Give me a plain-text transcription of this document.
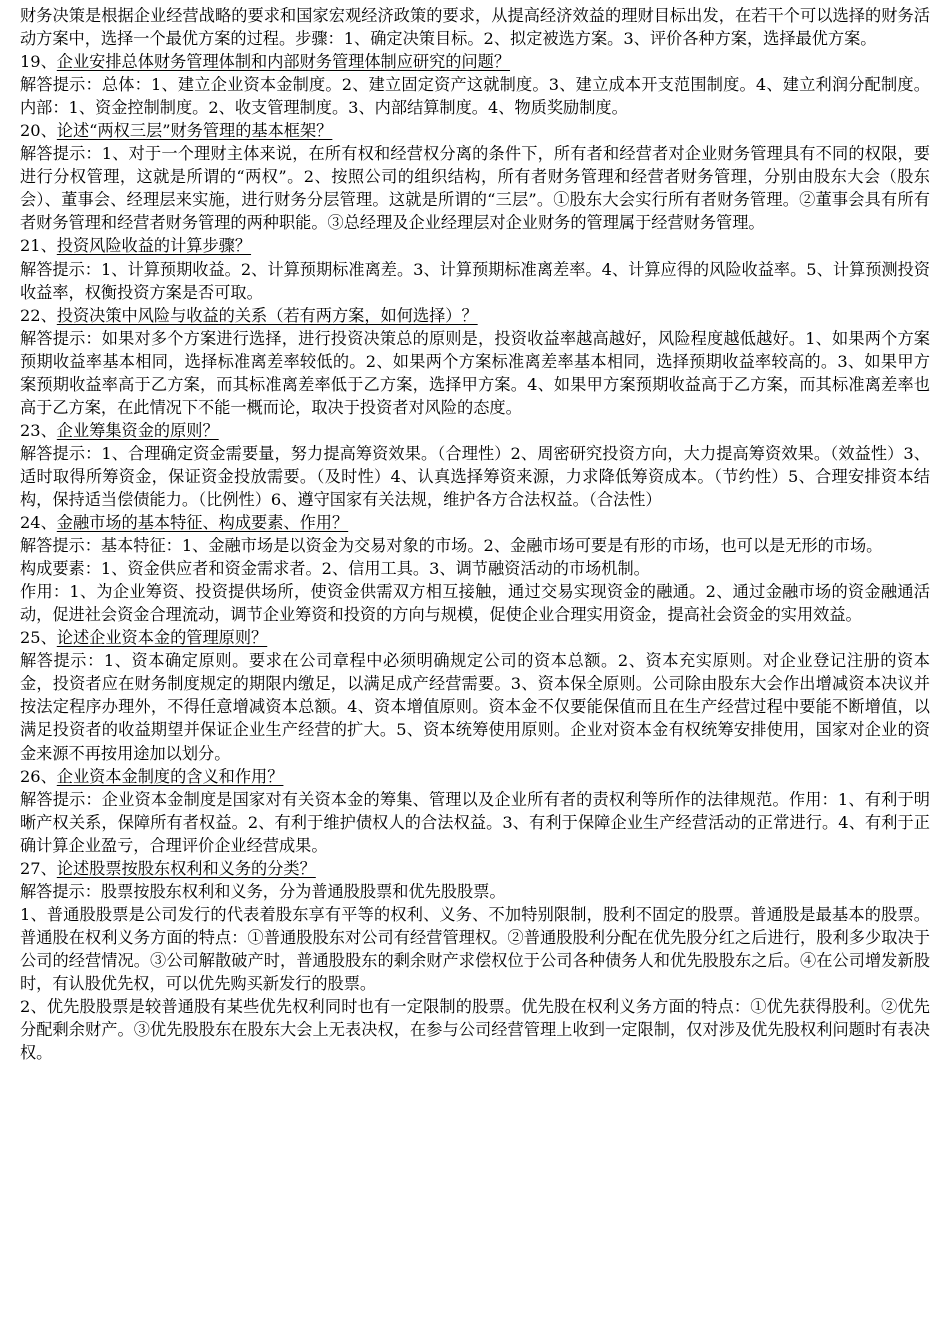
财务决策是根据企业经营战略的要求和国家宏观经济政策的要求，从提高经济效益的理财目标出发，在若干个可以选择的财务活动方案中，选择一个最优方案的过程。步骤：1、确定决策目标。2、拟定被选方案。3、评价各种方案，选择最优方案。

19、企业安排总体财务管理体制和内部财务管理体制应研究的问题？

解答提示：总体：1、建立企业资本金制度。2、建立固定资产这就制度。3、建立成本开支范围制度。4、建立利润分配制度。 内部：1、资金控制制度。2、收支管理制度。3、内部结算制度。4、物质奖励制度。

20、论述“两权三层”财务管理的基本框架？

解答提示：1、对于一个理财主体来说，在所有权和经营权分离的条件下，所有者和经营者对企业财务管理具有不同的权限，要进行分权管理，这就是所谓的“两权”。2、按照公司的组织结构，所有者财务管理和经营者财务管理，分别由股东大会（股东会）、董事会、经理层来实施，进行财务分层管理。这就是所谓的“三层”。①股东大会实行所有者财务管理。②董事会具有所有者财务管理和经营者财务管理的两种职能。③总经理及企业经理层对企业财务的管理属于经营财务管理。

21、投资风险收益的计算步骤？

解答提示：1、计算预期收益。2、计算预期标准离差。3、计算预期标准离差率。4、计算应得的风险收益率。5、计算预测投资收益率，权衡投资方案是否可取。

22、投资决策中风险与收益的关系（若有两方案，如何选择）？

解答提示：如果对多个方案进行选择，进行投资决策总的原则是，投资收益率越高越好，风险程度越低越好。1、如果两个方案预期收益率基本相同，选择标准离差率较低的。2、如果两个方案标准离差率基本相同，选择预期收益率较高的。3、如果甲方案预期收益率高于乙方案，而其标准离差率低于乙方案，选择甲方案。4、如果甲方案预期收益高于乙方案，而其标准离差率也高于乙方案，在此情况下不能一概而论，取决于投资者对风险的态度。

23、企业筹集资金的原则？

解答提示：1、合理确定资金需要量，努力提高筹资效果。（合理性）2、周密研究投资方向，大力提高筹资效果。（效益性）3、适时取得所筹资金，保证资金投放需要。（及时性）4、认真选择筹资来源，力求降低筹资成本。（节约性）5、合理安排资本结构，保持适当偿债能力。（比例性）6、遵守国家有关法规，维护各方合法权益。（合法性）

24、金融市场的基本特征、构成要素、作用？

解答提示：基本特征：1、金融市场是以资金为交易对象的市场。2、金融市场可要是有形的市场，也可以是无形的市场。

构成要素：1、资金供应者和资金需求者。2、信用工具。3、调节融资活动的市场机制。

作用：1、为企业筹资、投资提供场所，使资金供需双方相互接触，通过交易实现资金的融通。2、通过金融市场的资金融通活动，促进社会资金合理流动，调节企业筹资和投资的方向与规模，促使企业合理实用资金，提高社会资金的实用效益。

25、论述企业资本金的管理原则？

解答提示：1、资本确定原则。要求在公司章程中必须明确规定公司的资本总额。2、资本充实原则。对企业登记注册的资本金，投资者应在财务制度规定的期限内缴足，以满足成产经营需要。3、资本保全原则。公司除由股东大会作出增减资本决议并按法定程序办理外，不得任意增减资本总额。4、资本增值原则。资本金不仅要能保值而且在生产经营过程中要能不断增值，以满足投资者的收益期望并保证企业生产经营的扩大。5、资本统筹使用原则。企业对资本金有权统筹安排使用，国家对企业的资金来源不再按用途加以划分。

26、企业资本金制度的含义和作用？

解答提示：企业资本金制度是国家对有关资本金的筹集、管理以及企业所有者的责权利等所作的法律规范。作用：1、有利于明晰产权关系，保障所有者权益。2、有利于维护债权人的合法权益。3、有利于保障企业生产经营活动的正常进行。4、有利于正确计算企业盈亏，合理评价企业经营成果。

27、论述股票按股东权利和义务的分类？

解答提示：股票按股东权利和义务，分为普通股股票和优先股股票。

1、普通股股票是公司发行的代表着股东享有平等的权利、义务、不加特别限制，股利不固定的股票。普通股是最基本的股票。普通股在权利义务方面的特点：①普通股股东对公司有经营管理权。②普通股股利分配在优先股分红之后进行，股利多少取决于公司的经营情况。③公司解散破产时，普通股股东的剩余财产求偿权位于公司各种债务人和优先股股东之后。④在公司增发新股时，有认股优先权，可以优先购买新发行的股票。

2、优先股股票是较普通股有某些优先权利同时也有一定限制的股票。优先股在权利义务方面的特点：①优先获得股利。②优先分配剩余财产。③优先股股东在股东大会上无表决权，在参与公司经营管理上收到一定限制，仅对涉及优先股权利问题时有表决权。
